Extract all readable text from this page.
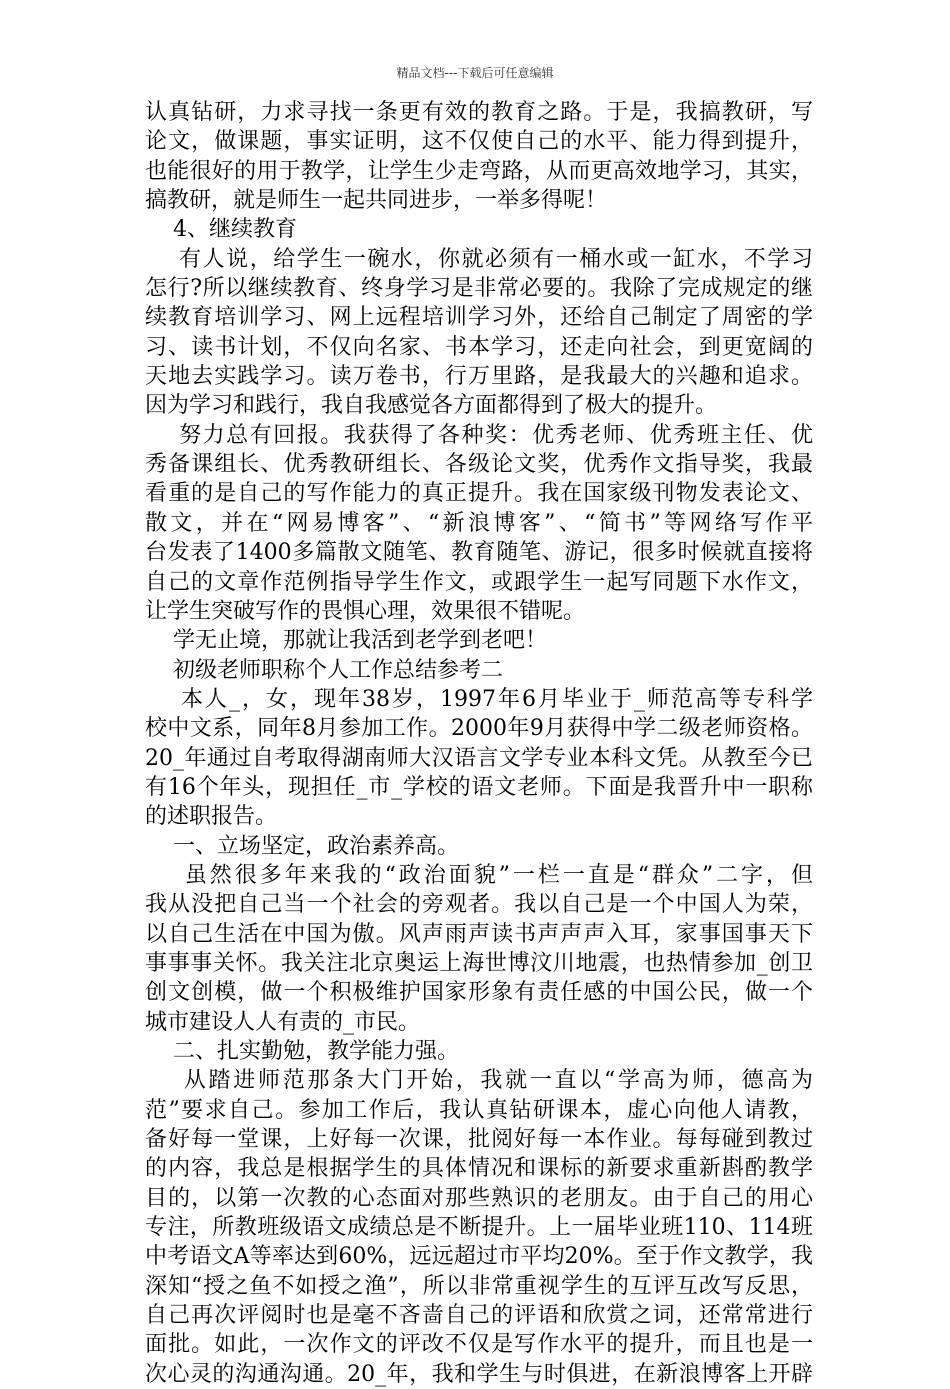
精品文档---下载后可任意编辑
认真钻研，力求寻找一条更有效的教育之路。于是，我搞教研，写
论文，做课题，事实证明，这不仅使自己的水平、能力得到提升，
也能很好的用于教学，让学生少走弯路，从而更高效地学习，其实，
搞教研，就是师生一起共同进步，一举多得呢！
4、继续教育
有人说，给学生一碗水，你就必须有一桶水或一缸水，不学习
怎行?所以继续教育、终身学习是非常必要的。我除了完成规定的继
续教育培训学习、网上远程培训学习外，还给自己制定了周密的学
习、读书计划，不仅向名家、书本学习，还走向社会，到更宽阔的
天地去实践学习。读万卷书，行万里路，是我最大的兴趣和追求。
因为学习和践行，我自我感觉各方面都得到了极大的提升。
努力总有回报。我获得了各种奖：优秀老师、优秀班主任、优
秀备课组长、优秀教研组长、各级论文奖，优秀作文指导奖，我最
看重的是自己的写作能力的真正提升。我在国家级刊物发表论文、
散文，并在“网易博客”、“新浪博客”、“简书”等网络写作平
台发表了1400多篇散文随笔、教育随笔、游记，很多时候就直接将
自己的文章作范例指导学生作文，或跟学生一起写同题下水作文，
让学生突破写作的畏惧心理，效果很不错呢。
学无止境，那就让我活到老学到老吧！
初级老师职称个人工作总结参考二
本人_，女，现年38岁，1997年6月毕业于_师范高等专科学
校中文系，同年8月参加工作。2000年9月获得中学二级老师资格。
20_年通过自考取得湖南师大汉语言文学专业本科文凭。从教至今已
有16个年头，现担任_市_学校的语文老师。下面是我晋升中一职称
的述职报告。
一、立场坚定，政治素养高。
虽然很多年来我的“政治面貌”一栏一直是“群众”二字，但
我从没把自己当一个社会的旁观者。我以自己是一个中国人为荣，
以自己生活在中国为傲。风声雨声读书声声声入耳，家事国事天下
事事事关怀。我关注北京奥运上海世博汶川地震，也热情参加_创卫
创文创模，做一个积极维护国家形象有责任感的中国公民，做一个
城市建设人人有责的_市民。
二、扎实勤勉，教学能力强。
从踏进师范那条大门开始，我就一直以“学高为师，德高为
范”要求自己。参加工作后，我认真钻研课本，虚心向他人请教，
备好每一堂课，上好每一次课，批阅好每一本作业。每每碰到教过
的内容，我总是根据学生的具体情况和课标的新要求重新斟酌教学
目的，以第一次教的心态面对那些熟识的老朋友。由于自己的用心
专注，所教班级语文成绩总是不断提升。上一届毕业班110、114班
中考语文A等率达到60%，远远超过市平均20%。至于作文教学，我
深知“授之鱼不如授之渔”，所以非常重视学生的互评互改写反思，
自己再次评阅时也是毫不吝啬自己的评语和欣赏之词，还常常进行
面批。如此，一次作文的评改不仅是写作水平的提升，而且也是一
次心灵的沟通沟通。20_年，我和学生与时俱进，在新浪博客上开辟
